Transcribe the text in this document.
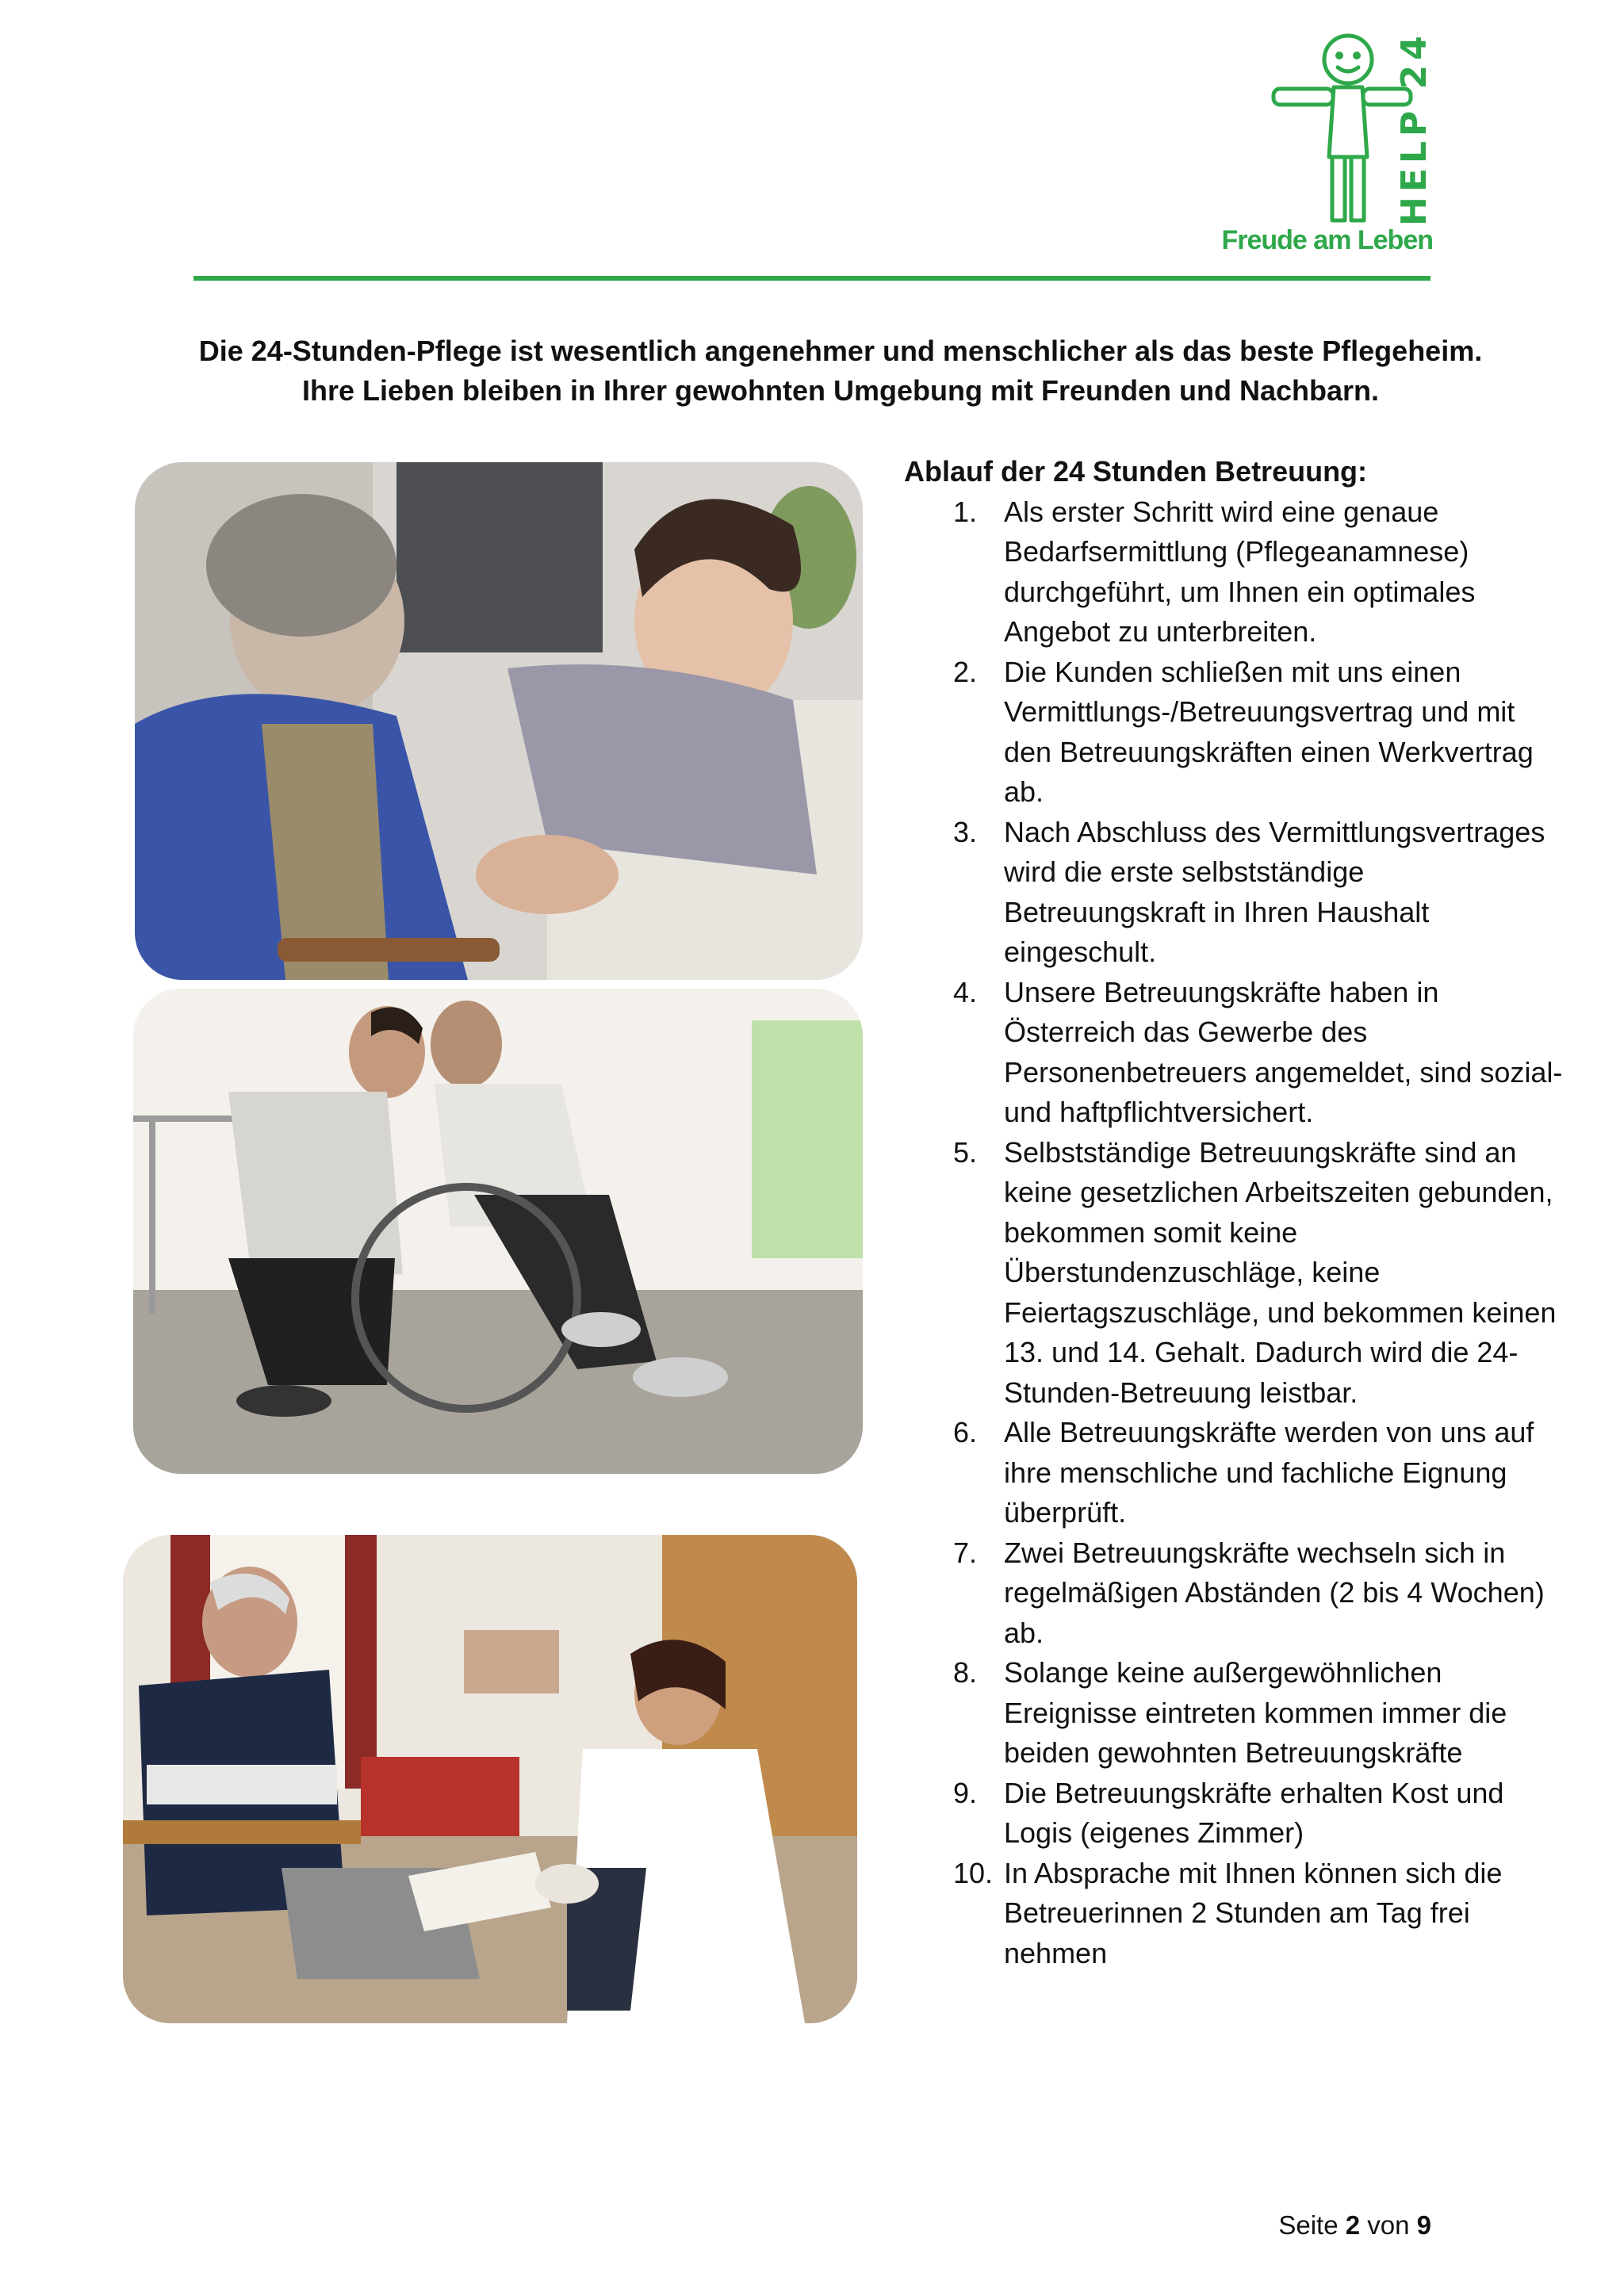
HELP 24
Freude am Leben
Die 24-Stunden-Pflege ist wesentlich angenehmer und menschlicher als das beste Pflegeheim.
Ihre Lieben bleiben in Ihrer gewohnten Umgebung mit Freunden und Nachbarn.
Ablauf der 24 Stunden Betreuung:
1. Als erster Schritt wird eine genaue Bedarfsermittlung (Pflegeanamnese) durchgeführt, um Ihnen ein optimales Angebot zu unterbreiten.
2. Die Kunden schließen mit uns einen Vermittlungs-/Betreuungsvertrag und mit den Betreuungskräften einen Werkvertrag ab.
3. Nach Abschluss des Vermittlungsvertrages wird die erste selbstständige Betreuungskraft in Ihren Haushalt eingeschult.
4. Unsere Betreuungskräfte haben in Österreich das Gewerbe des Personenbetreuers angemeldet, sind sozial- und haftpflichtversichert.
5. Selbstständige Betreuungskräfte sind an keine gesetzlichen Arbeitszeiten gebunden, bekommen somit keine Überstundenzuschläge, keine Feiertagszuschläge, und bekommen keinen 13. und 14. Gehalt. Dadurch wird die 24-Stunden-Betreuung leistbar.
6. Alle Betreuungskräfte werden von uns auf ihre menschliche und fachliche Eignung überprüft.
7. Zwei Betreuungskräfte wechseln sich in regelmäßigen Abständen (2 bis 4 Wochen) ab.
8. Solange keine außergewöhnlichen Ereignisse eintreten kommen immer die beiden gewohnten Betreuungskräfte
9. Die Betreuungskräfte erhalten Kost und Logis (eigenes Zimmer)
10. In Absprache mit Ihnen können sich die Betreuerinnen 2 Stunden am Tag frei nehmen
Seite 2 von 9
